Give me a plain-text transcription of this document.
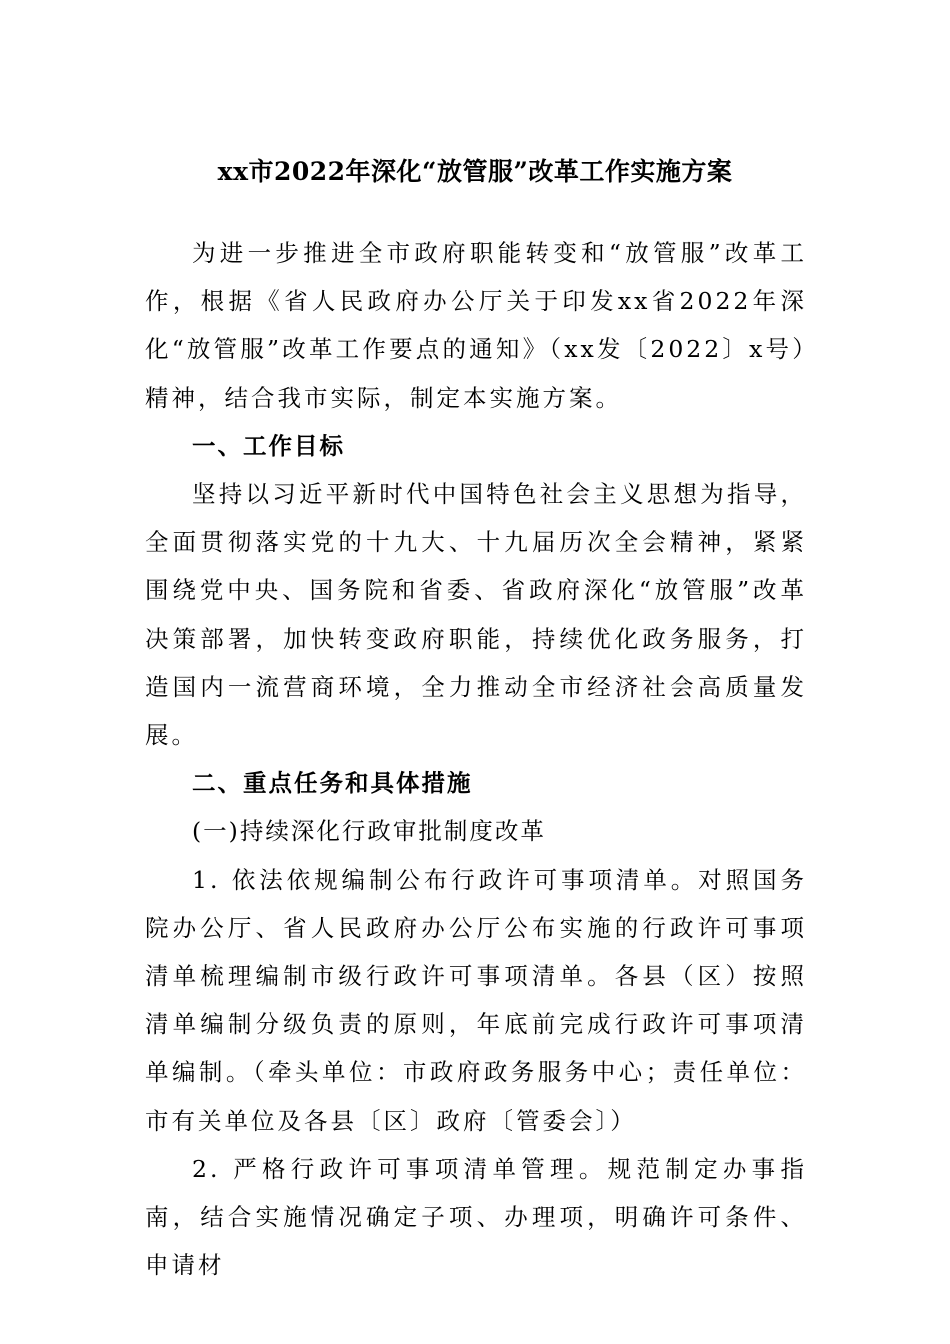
xx市2022年深化“放管服”改革工作实施方案

为进一步推进全市政府职能转变和“放管服”改革工作，根据《省人民政府办公厅关于印发xx省2022年深化“放管服”改革工作要点的通知》（xx发〔2022〕x号）精神，结合我市实际，制定本实施方案。

一、工作目标

坚持以习近平新时代中国特色社会主义思想为指导，全面贯彻落实党的十九大、十九届历次全会精神，紧紧围绕党中央、国务院和省委、省政府深化“放管服”改革决策部署，加快转变政府职能，持续优化政务服务，打造国内一流营商环境，全力推动全市经济社会高质量发展。

二、重点任务和具体措施

(一)持续深化行政审批制度改革

1. 依法依规编制公布行政许可事项清单。对照国务院办公厅、省人民政府办公厅公布实施的行政许可事项清单梳理编制市级行政许可事项清单。各县（区）按照清单编制分级负责的原则，年底前完成行政许可事项清单编制。（牵头单位：市政府政务服务中心；责任单位：市有关单位及各县〔区〕政府〔管委会〕）

2. 严格行政许可事项清单管理。规范制定办事指南，结合实施情况确定子项、办理项，明确许可条件、申请材
